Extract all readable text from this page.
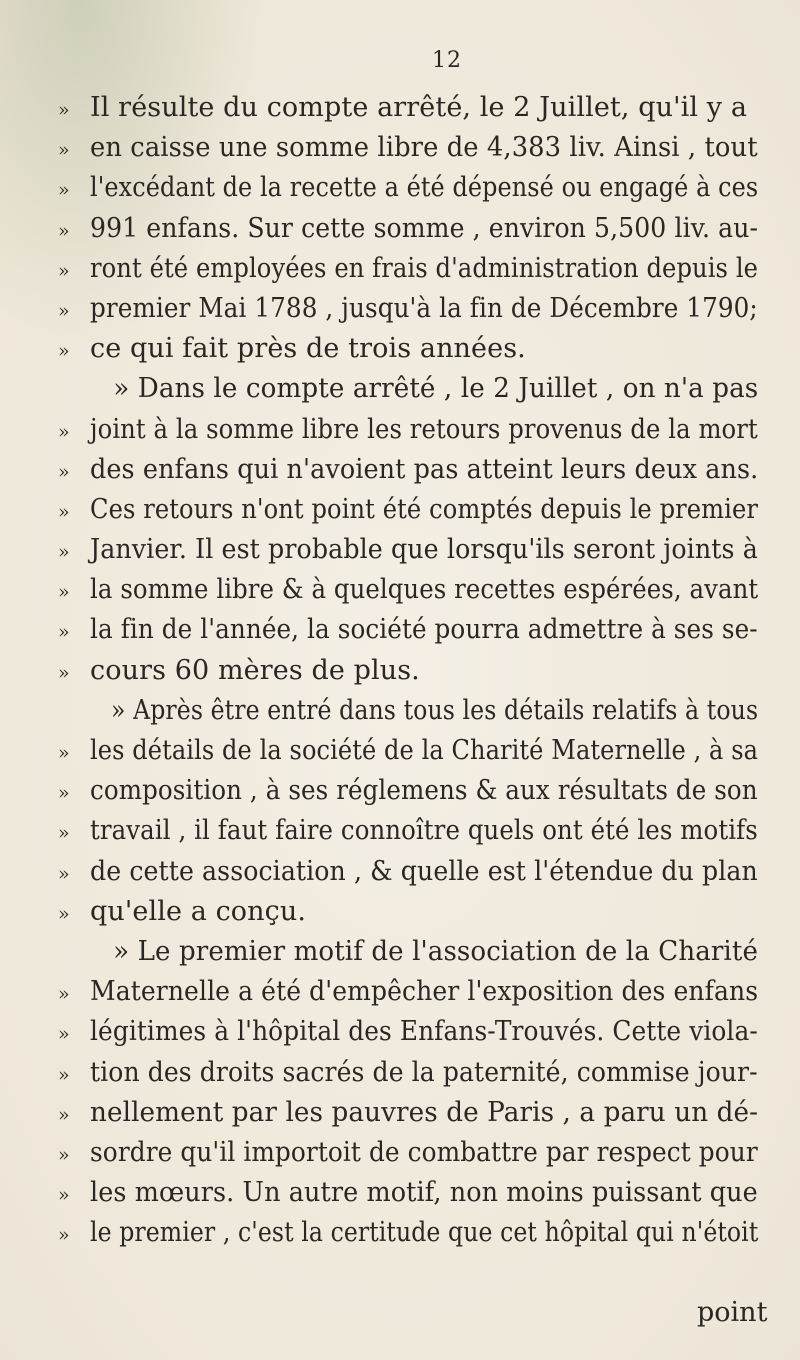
12
» Il résulte du compte arrêté, le 2 Juillet, qu'il y a
» en caisse une somme libre de 4,383 liv. Ainsi , tout
» l'excédant de la recette a été dépensé ou engagé à ces
» 991 enfans. Sur cette somme , environ 5,500 liv. au-
» ront été employées en frais d'administration depuis le
» premier Mai 1788 , jusqu'à la fin de Décembre 1790;
» ce qui fait près de trois années.
» Dans le compte arrêté , le 2 Juillet , on n'a pas
» joint à la somme libre les retours provenus de la mort
» des enfans qui n'avoient pas atteint leurs deux ans.
» Ces retours n'ont point été comptés depuis le premier
» Janvier. Il est probable que lorsqu'ils seront joints à
» la somme libre & à quelques recettes espérées, avant
» la fin de l'année, la société pourra admettre à ses se-
» cours 60 mères de plus.
» Après être entré dans tous les détails relatifs à tous
» les détails de la société de la Charité Maternelle , à sa
» composition , à ses réglemens & aux résultats de son
» travail , il faut faire connoître quels ont été les motifs
» de cette association , & quelle est l'étendue du plan
» qu'elle a conçu.
» Le premier motif de l'association de la Charité
» Maternelle a été d'empêcher l'exposition des enfans
» légitimes à l'hôpital des Enfans-Trouvés. Cette viola-
» tion des droits sacrés de la paternité, commise jour-
» nellement par les pauvres de Paris , a paru un dé-
» sordre qu'il importoit de combattre par respect pour
» les mœurs. Un autre motif, non moins puissant que
» le premier , c'est la certitude que cet hôpital qui n'étoit
point
